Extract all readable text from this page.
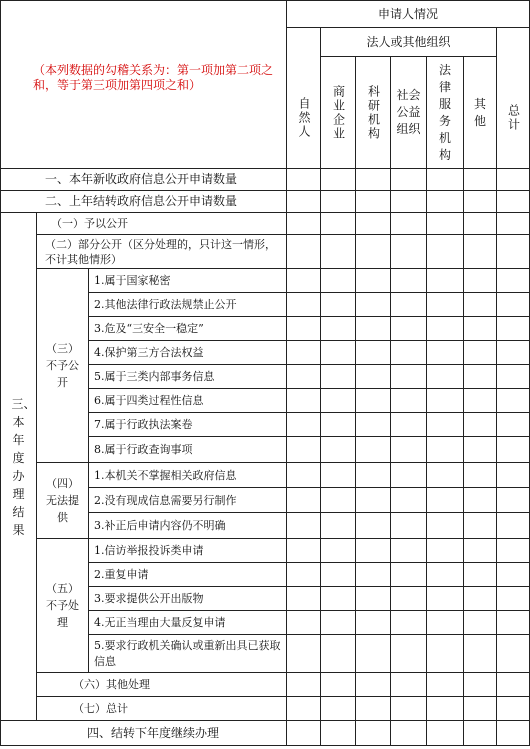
（本列数据的勾稽关系为：第一项加第二项之和，等于第三项加第四项之和）
申请人情况
自然人
法人或其他组织
总计
商业企业 科研机构 社会公益组织
法律服务机构
其他
一、本年新收政府信息公开申请数量
二、上年结转政府信息公开申请数量
三、本年度办理结果
（一）予以公开
（二）部分公开（区分处理的，只计这一情形，不计其他情形）
（三）不予公开
1.属于国家秘密
2.其他法律行政法规禁止公开
3.危及“三安全一稳定”
4.保护第三方合法权益
5.属于三类内部事务信息
6.属于四类过程性信息
7.属于行政执法案卷
8.属于行政查询事项
（四）无法提供
1.本机关不掌握相关政府信息
2.没有现成信息需要另行制作
3.补正后申请内容仍不明确
（五）不予处理
1.信访举报投诉类申请
2.重复申请
3.要求提供公开出版物
4.无正当理由大量反复申请
5.要求行政机关确认或重新出具已获取信息
（六）其他处理
（七）总计
四、结转下年度继续办理
